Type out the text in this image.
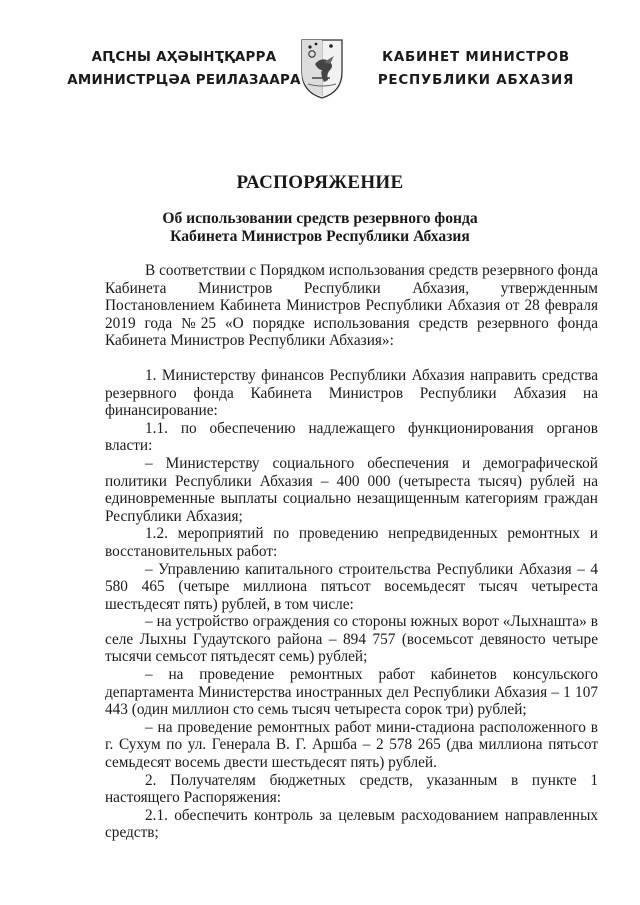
АԤСНЫ АҲӘЫНҬҚАРРА
АМИНИСТРЦӘА РЕИЛАЗААРА
КАБИНЕТ МИНИСТРОВ
РЕСПУБЛИКИ АБХАЗИЯ
РАСПОРЯЖЕНИЕ
Об использовании средств резервного фонда
Кабинета Министров Республики Абхазия

В соответствии с Порядком использования средств резервного фонда Кабинета Министров Республики Абхазия, утвержденным Постановлением Кабинета Министров Республики Абхазия от 28 февраля 2019 года №25 «О порядке использования средств резервного фонда Кабинета Министров Республики Абхазия»:

1. Министерству финансов Республики Абхазия направить средства резервного фонда Кабинета Министров Республики Абхазия на финансирование:

1.1. по обеспечению надлежащего функционирования органов власти:

– Министерству социального обеспечения и демографической политики Республики Абхазия – 400 000 (четыреста тысяч) рублей на единовременные выплаты социально незащищенным категориям граждан Республики Абхазия;

1.2. мероприятий по проведению непредвиденных ремонтных и восстановительных работ:

– Управлению капитального строительства Республики Абхазия – 4 580 465 (четыре миллиона пятьсот восемьдесят тысяч четыреста шестьдесят пять) рублей, в том числе:

– на устройство ограждения со стороны южных ворот «Лыхнашта» в селе Лыхны Гудаутского района – 894 757 (восемьсот девяносто четыре тысячи семьсот пятьдесят семь) рублей;

– на проведение ремонтных работ кабинетов консульского департамента Министерства иностранных дел Республики Абхазия – 1 107 443 (один миллион сто семь тысяч четыреста сорок три) рублей;

– на проведение ремонтных работ мини-стадиона расположенного в г. Сухум по ул. Генерала В. Г. Аршба – 2 578 265 (два миллиона пятьсот семьдесят восемь двести шестьдесят пять) рублей.

2. Получателям бюджетных средств, указанным в пункте 1 настоящего Распоряжения:

2.1. обеспечить контроль за целевым расходованием направленных средств;
